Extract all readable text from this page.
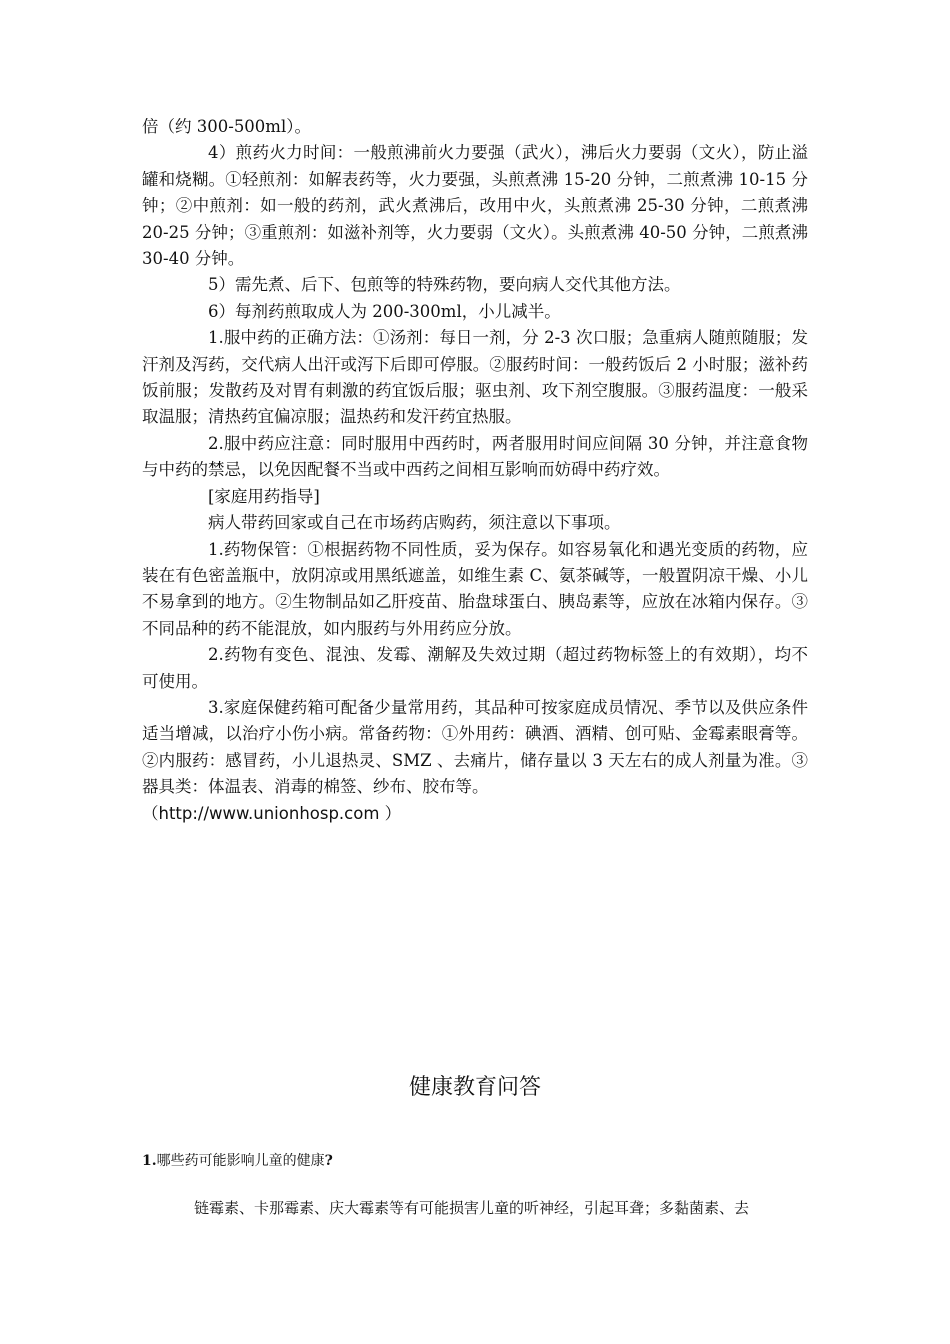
倍（约 300-500ml）。

4）煎药火力时间：一般煎沸前火力要强（武火），沸后火力要弱（文火），防止溢罐和烧糊。①轻煎剂：如解表药等，火力要强，头煎煮沸 15-20 分钟，二煎煮沸 10-15 分钟；②中煎剂：如一般的药剂，武火煮沸后，改用中火，头煎煮沸 25-30 分钟，二煎煮沸 20-25 分钟；③重煎剂：如滋补剂等，火力要弱（文火）。头煎煮沸 40-50 分钟，二煎煮沸 30-40 分钟。

5）需先煮、后下、包煎等的特殊药物，要向病人交代其他方法。

6）每剂药煎取成人为 200-300ml，小儿减半。

1.服中药的正确方法：①汤剂：每日一剂，分 2-3 次口服；急重病人随煎随服；发汗剂及泻药，交代病人出汗或泻下后即可停服。②服药时间：一般药饭后 2 小时服；滋补药饭前服；发散药及对胃有刺激的药宜饭后服；驱虫剂、攻下剂空腹服。③服药温度：一般采取温服；清热药宜偏凉服；温热药和发汗药宜热服。

2.服中药应注意：同时服用中西药时，两者服用时间应间隔 30 分钟，并注意食物与中药的禁忌，以免因配餐不当或中西药之间相互影响而妨碍中药疗效。

[家庭用药指导]

病人带药回家或自己在市场药店购药，须注意以下事项。

1.药物保管：①根据药物不同性质，妥为保存。如容易氧化和遇光变质的药物，应装在有色密盖瓶中，放阴凉或用黑纸遮盖，如维生素 C、氨茶碱等，一般置阴凉干燥、小儿不易拿到的地方。②生物制品如乙肝疫苗、胎盘球蛋白、胰岛素等，应放在冰箱内保存。③不同品种的药不能混放，如内服药与外用药应分放。

2.药物有变色、混浊、发霉、潮解及失效过期（超过药物标签上的有效期），均不可使用。

3.家庭保健药箱可配备少量常用药，其品种可按家庭成员情况、季节以及供应条件适当增减，以治疗小伤小病。常备药物：①外用药：碘酒、酒精、创可贴、金霉素眼膏等。②内服药：感冒药，小儿退热灵、SMZ 、去痛片，储存量以 3 天左右的成人剂量为准。③器具类：体温表、消毒的棉签、纱布、胶布等。

（http://www.unionhosp.com ）

健康教育问答
1.哪些药可能影响儿童的健康?
链霉素、卡那霉素、庆大霉素等有可能损害儿童的听神经，引起耳聋；多黏菌素、去
